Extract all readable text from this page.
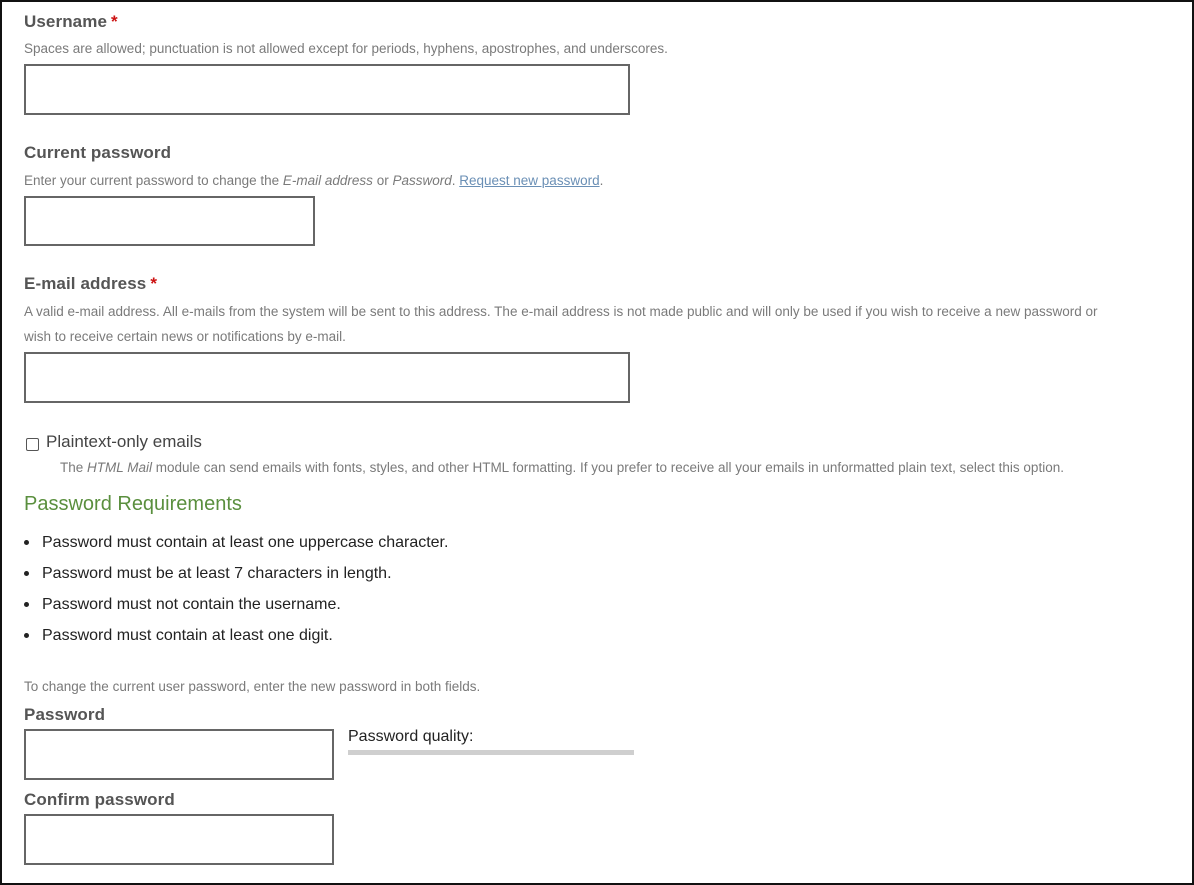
Username *
Spaces are allowed; punctuation is not allowed except for periods, hyphens, apostrophes, and underscores.
Current password
Enter your current password to change the E-mail address or Password. Request new password.
E-mail address *
A valid e-mail address. All e-mails from the system will be sent to this address. The e-mail address is not made public and will only be used if you wish to receive a new password or
wish to receive certain news or notifications by e-mail.
Plaintext-only emails
The HTML Mail module can send emails with fonts, styles, and other HTML formatting. If you prefer to receive all your emails in unformatted plain text, select this option.
Password Requirements
Password must contain at least one uppercase character.
Password must be at least 7 characters in length.
Password must not contain the username.
Password must contain at least one digit.
To change the current user password, enter the new password in both fields.
Password
Password quality:
Confirm password
